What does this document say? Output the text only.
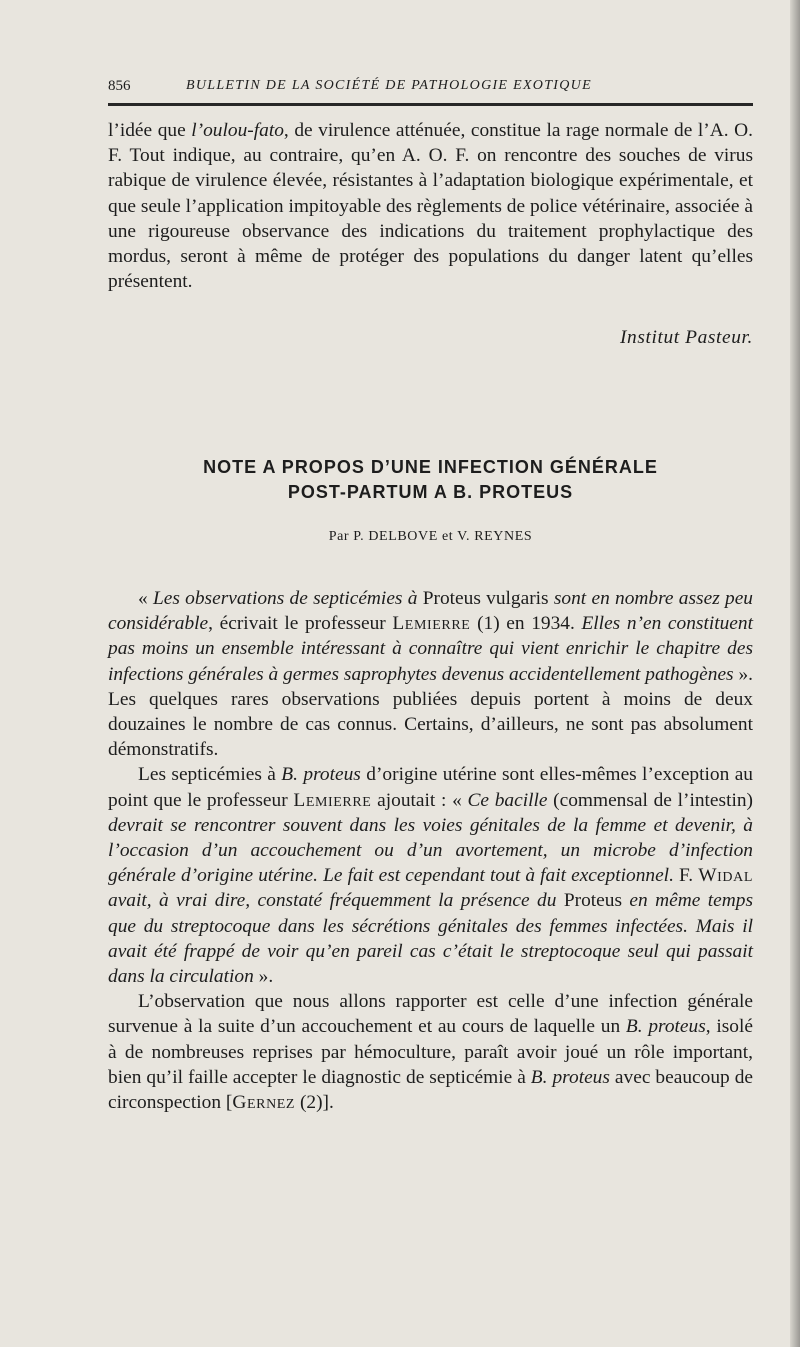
856	BULLETIN DE LA SOCIÉTÉ DE PATHOLOGIE EXOTIQUE

l’idée que l’oulou-fato, de virulence atténuée, constitue la rage normale de l’A. O. F. Tout indique, au contraire, qu’en A. O. F. on rencontre des souches de virus rabique de virulence élevée, résistantes à l’adaptation biologique expérimentale, et que seule l’application impitoyable des règlements de police vétérinaire, associée à une rigoureuse observance des indications du traitement prophylactique des mordus, seront à même de protéger des populations du danger latent qu’elles présentent.

Institut Pasteur.
NOTE A PROPOS D’UNE INFECTION GÉNÉRALE
POST-PARTUM A B. PROTEUS
Par P. DELBOVE et V. REYNES

« Les observations de septicémies à Proteus vulgaris sont en nombre assez peu considérable, écrivait le professeur Lemierre (1) en 1934. Elles n’en constituent pas moins un ensemble intéressant à connaître qui vient enrichir le chapitre des infections générales à germes saprophytes devenus accidentellement pathogènes ». Les quelques rares observations publiées depuis portent à moins de deux douzaines le nombre de cas connus. Certains, d’ailleurs, ne sont pas absolument démonstratifs.

Les septicémies à B. proteus d’origine utérine sont elles-mêmes l’exception au point que le professeur Lemierre ajoutait : « Ce bacille (commensal de l’intestin) devrait se rencontrer souvent dans les voies génitales de la femme et devenir, à l’occasion d’un accouchement ou d’un avortement, un microbe d’infection générale d’origine utérine. Le fait est cependant tout à fait exceptionnel. F. Widal avait, à vrai dire, constaté fréquemment la présence du Proteus en même temps que du streptocoque dans les sécrétions génitales des femmes infectées. Mais il avait été frappé de voir qu’en pareil cas c’était le streptocoque seul qui passait dans la circulation ».

L’observation que nous allons rapporter est celle d’une infection générale survenue à la suite d’un accouchement et au cours de laquelle un B. proteus, isolé à de nombreuses reprises par hémoculture, paraît avoir joué un rôle important, bien qu’il faille accepter le diagnostic de septicémie à B. proteus avec beaucoup de circonspection [Gernez (2)].
